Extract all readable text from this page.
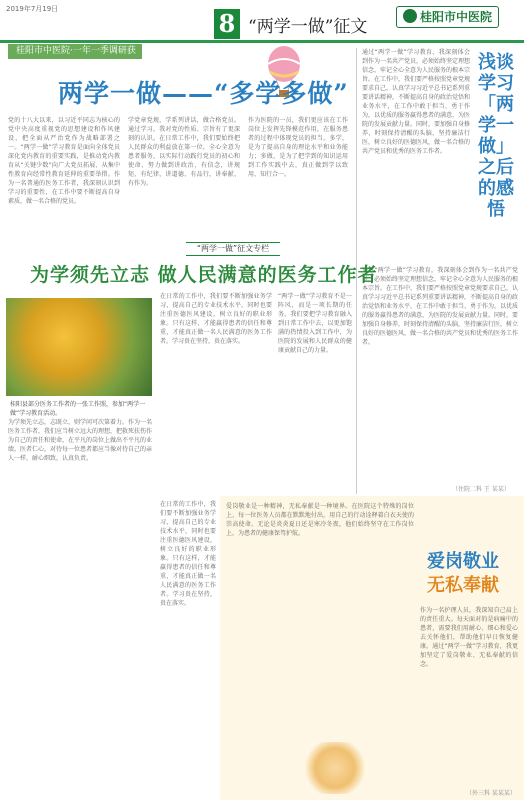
2019年7月19日	8 “两学一做”征文	桂阳市中医院
桂阳市中医院·一年一季调研获奖作品
两学一做——“多学多做”
党的十八大以来，以习近平同志为核心的党中央高度重视党的思想建设和作风建设，把全面从严治党作为战略部署之一。“两学一做”学习教育是面向全体党员深化党内教育的重要实践，是推动党内教育从“关键少数”向广大党员拓展、从集中性教育向经常性教育延伸的重要举措。作为一名普通的医务工作者，我深刻认识到学习的重要性，在工作中要不断提高自身素质，做一名合格的党员。
学党章党规，学系列讲话，做合格党员。通过学习，我对党的性质、宗旨有了更深刻的认识。在日常工作中，我们要始终把人民群众的利益放在第一位，全心全意为患者服务，以实际行动践行党员的初心和使命，努力做到讲政治、有信念，讲规矩、有纪律，讲道德、有品行，讲奉献、有作为。
作为医院的一员，我们更应该在工作岗位上发挥先锋模范作用，在服务患者的过程中体现党员的担当。多学，是为了提高自身的理论水平和业务能力；多做，是为了把学到的知识运用到工作实践中去，真正做到学以致用、知行合一。
通过“两学一做”学习教育，我深刻体会到作为一名共产党员，必须始终坚定理想信念，牢记全心全意为人民服务的根本宗旨。在工作中，我们要严格按照党章党规要求自己，认真学习习近平总书记系列重要讲话精神，不断提高自身的政治觉悟和业务水平，在工作中敢于担当、勇于作为，以优质的服务赢得患者的满意，为医院的发展贡献力量。同时，要加强自身修养，时刻保持清醒的头脑，坚持廉洁行医，树立良好的医德医风，做一名合格的共产党员和优秀的医务工作者。
浅谈学习「两学一做」之后的感悟
通过“两学一做”学习教育，我深刻体会到作为一名共产党员，必须始终坚定理想信念，牢记全心全意为人民服务的根本宗旨。在工作中，我们要严格按照党章党规要求自己，认真学习习近平总书记系列重要讲话精神，不断提高自身的政治觉悟和业务水平，在工作中敢于担当、勇于作为，以优质的服务赢得患者的满意，为医院的发展贡献力量。同时，要加强自身修养，时刻保持清醒的头脑，坚持廉洁行医，树立良好的医德医风，做一名合格的共产党员和优秀的医务工作者。
（住院二科 王 某某）
“两学一做”征文专栏
为学须先立志 做人民满意的医务工作者
桂阳县部分医务工作者的一张工作照，参加“两学一做”学习教育活动。
为学须先立志，志既立，则学问可次第着力。作为一名医务工作者，我们应当树立远大的理想，把救死扶伤作为自己的责任和使命，在平凡的岗位上做出不平凡的业绩。医者仁心，对待每一位患者都应当像对待自己的亲人一样，耐心细致，认真负责。
在日常的工作中，我们要不断加强业务学习，提高自己的专业技术水平，同时也要注重医德医风建设，树立良好的职业形象。只有这样，才能赢得患者的信任和尊重，才能真正做一名人民满意的医务工作者。学习贵在坚持，贵在落实。
“两学一做”学习教育不是一阵风，而是一项长期的任务。我们要把学习教育融入到日常工作中去，以更加饱满的热情投入到工作中，为医院的发展和人民群众的健康贡献自己的力量。
在日常的工作中，我们要不断加强业务学习，提高自己的专业技术水平，同时也要注重医德医风建设，树立良好的职业形象。只有这样，才能赢得患者的信任和尊重，才能真正做一名人民满意的医务工作者。学习贵在坚持，贵在落实。
爱岗敬业是一种精神，无私奉献是一种境界。在医院这个特殊的岗位上，每一位医务人员都在默默地付出，用自己的行动诠释着白衣天使的崇高使命。无论是炎炎夏日还是寒冷冬夜，他们始终坚守在工作岗位上，为患者的健康保驾护航。
爱岗敬业
无私奉献
作为一名护理人员，我深知自己肩上的责任重大。每天面对的是病痛中的患者，需要我们用耐心、细心和爱心去关怀他们，帮助他们早日恢复健康。通过“两学一做”学习教育，我更加坚定了爱岗敬业、无私奉献的信念。
（外三科 某某某）
